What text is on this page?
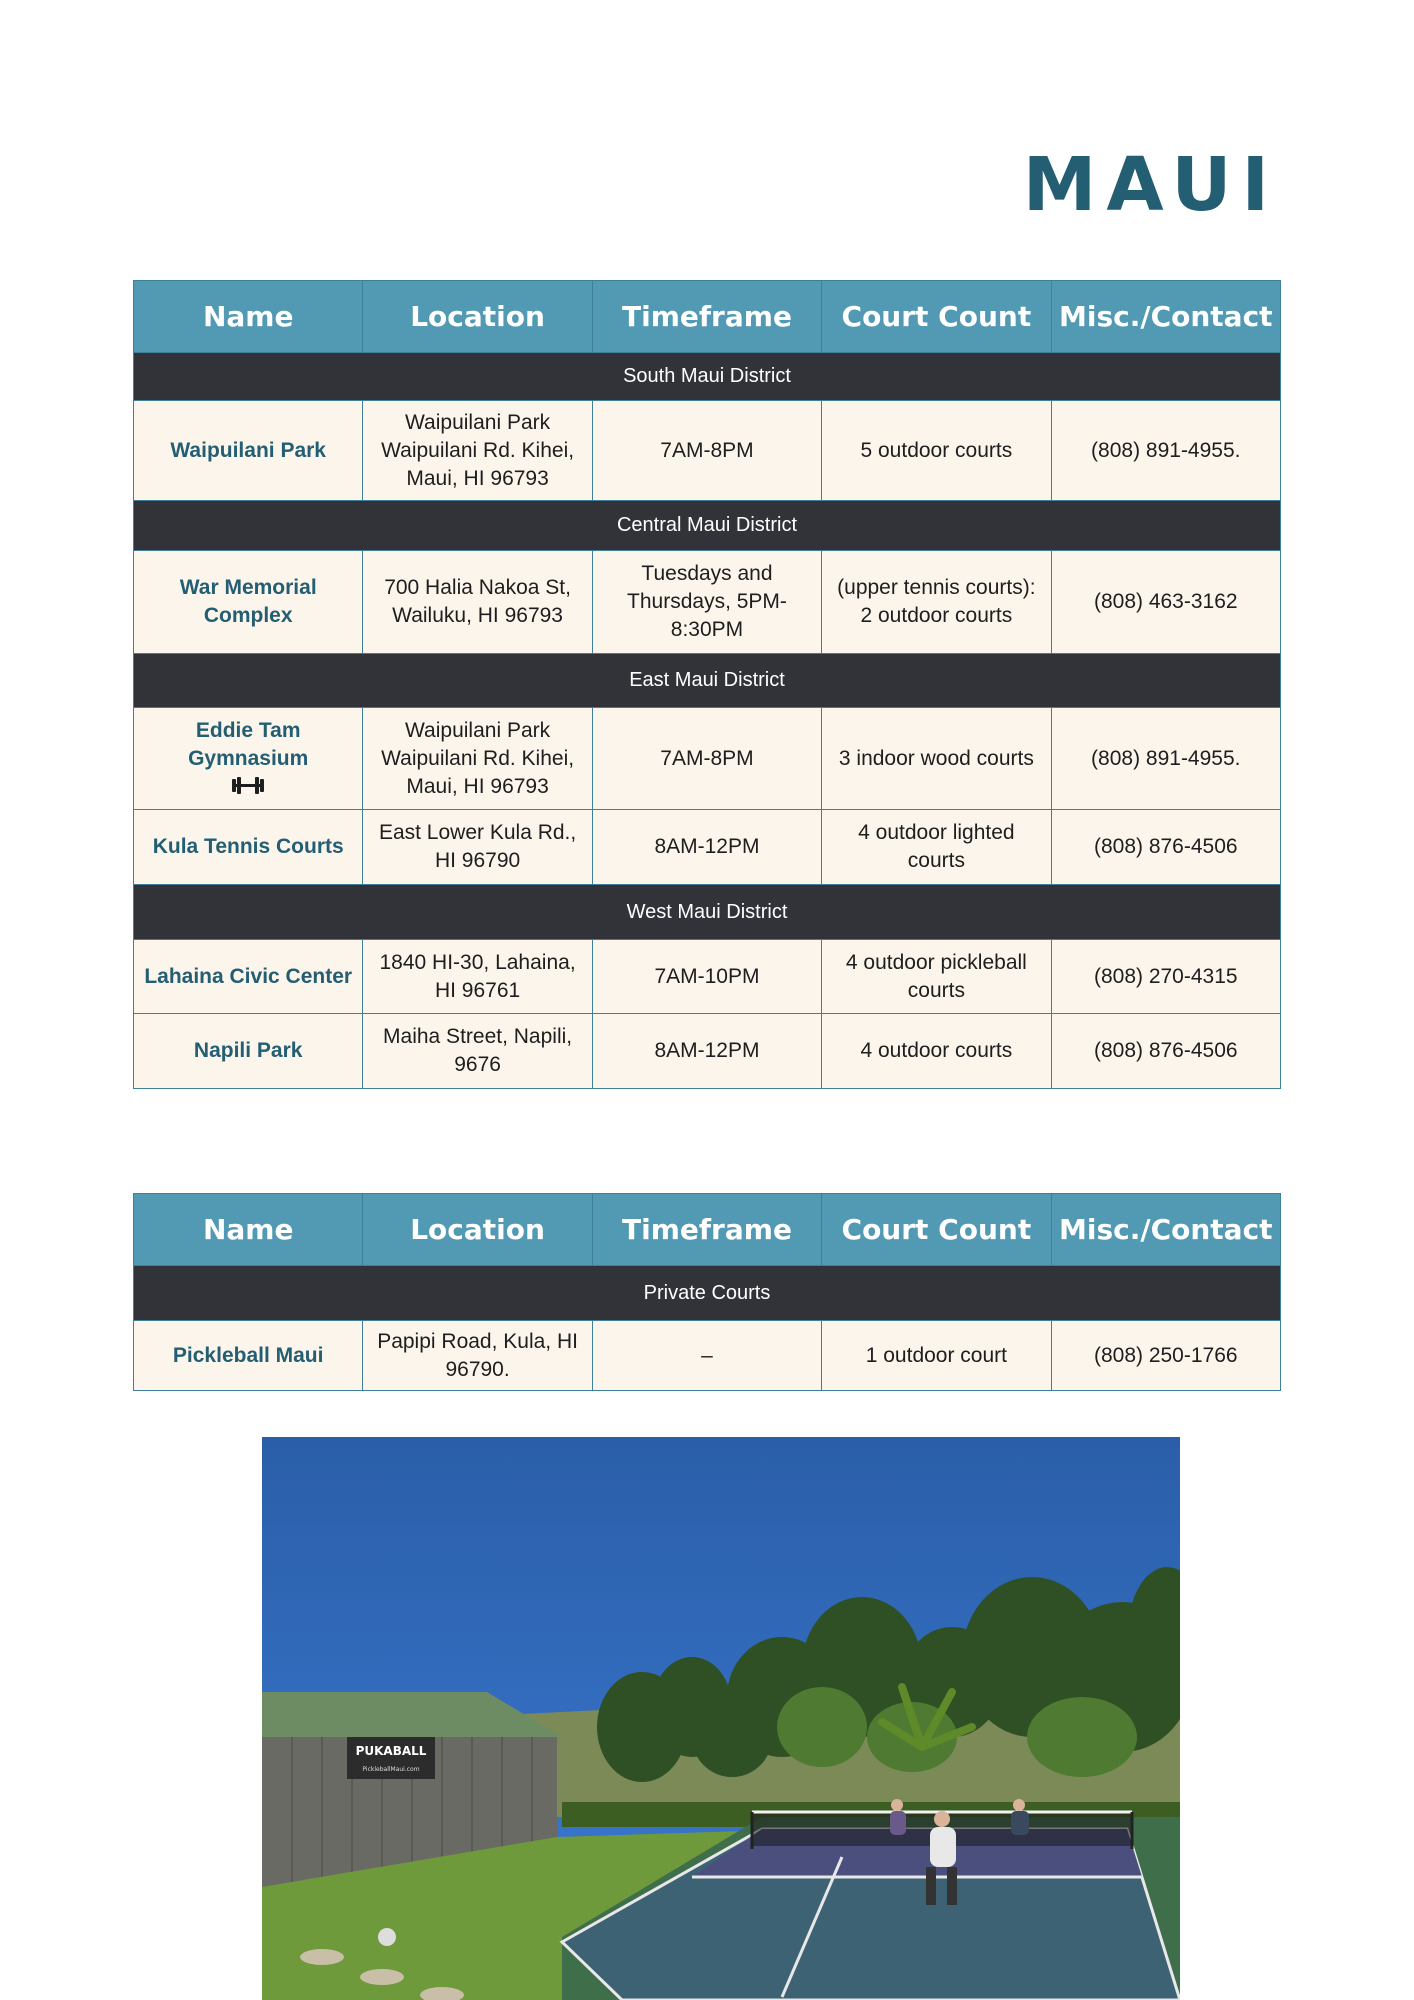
MAUI
Name	Location	Timeframe	Court Count	Misc./Contact
South Maui District				
Waipuilani Park	Waipuilani Park Waipuilani Rd. Kihei, Maui, HI 96793	7AM-8PM	5 outdoor courts	(808) 891-4955.
Central Maui District				
War Memorial Complex	700 Halia Nakoa St, Wailuku, HI 96793	Tuesdays and Thursdays, 5PM-8:30PM	(upper tennis courts): 2 outdoor courts	(808) 463-3162
East Maui District				

Eddie Tam Gymnasium	Waipuilani Park Waipuilani Rd. Kihei, Maui, HI 96793	7AM-8PM	3 indoor wood courts	(808) 891-4955.
Kula Tennis Courts	East Lower Kula Rd., HI 96790	8AM-12PM	4 outdoor lighted courts	(808) 876-4506
West Maui District				
Lahaina Civic Center	1840 HI-30, Lahaina, HI 96761	7AM-10PM	4 outdoor pickleball courts	(808) 270-4315
Napili Park	Maiha Street, Napili, 9676	8AM-12PM	4 outdoor courts	(808) 876-4506
Name	Location	Timeframe	Court Count	Misc./Contact
Private Courts				
Pickleball Maui	Papipi Road, Kula, HI 96790.	–	1 outdoor court	(808) 250-1766
PUKABALL
PickleballMaui.com
